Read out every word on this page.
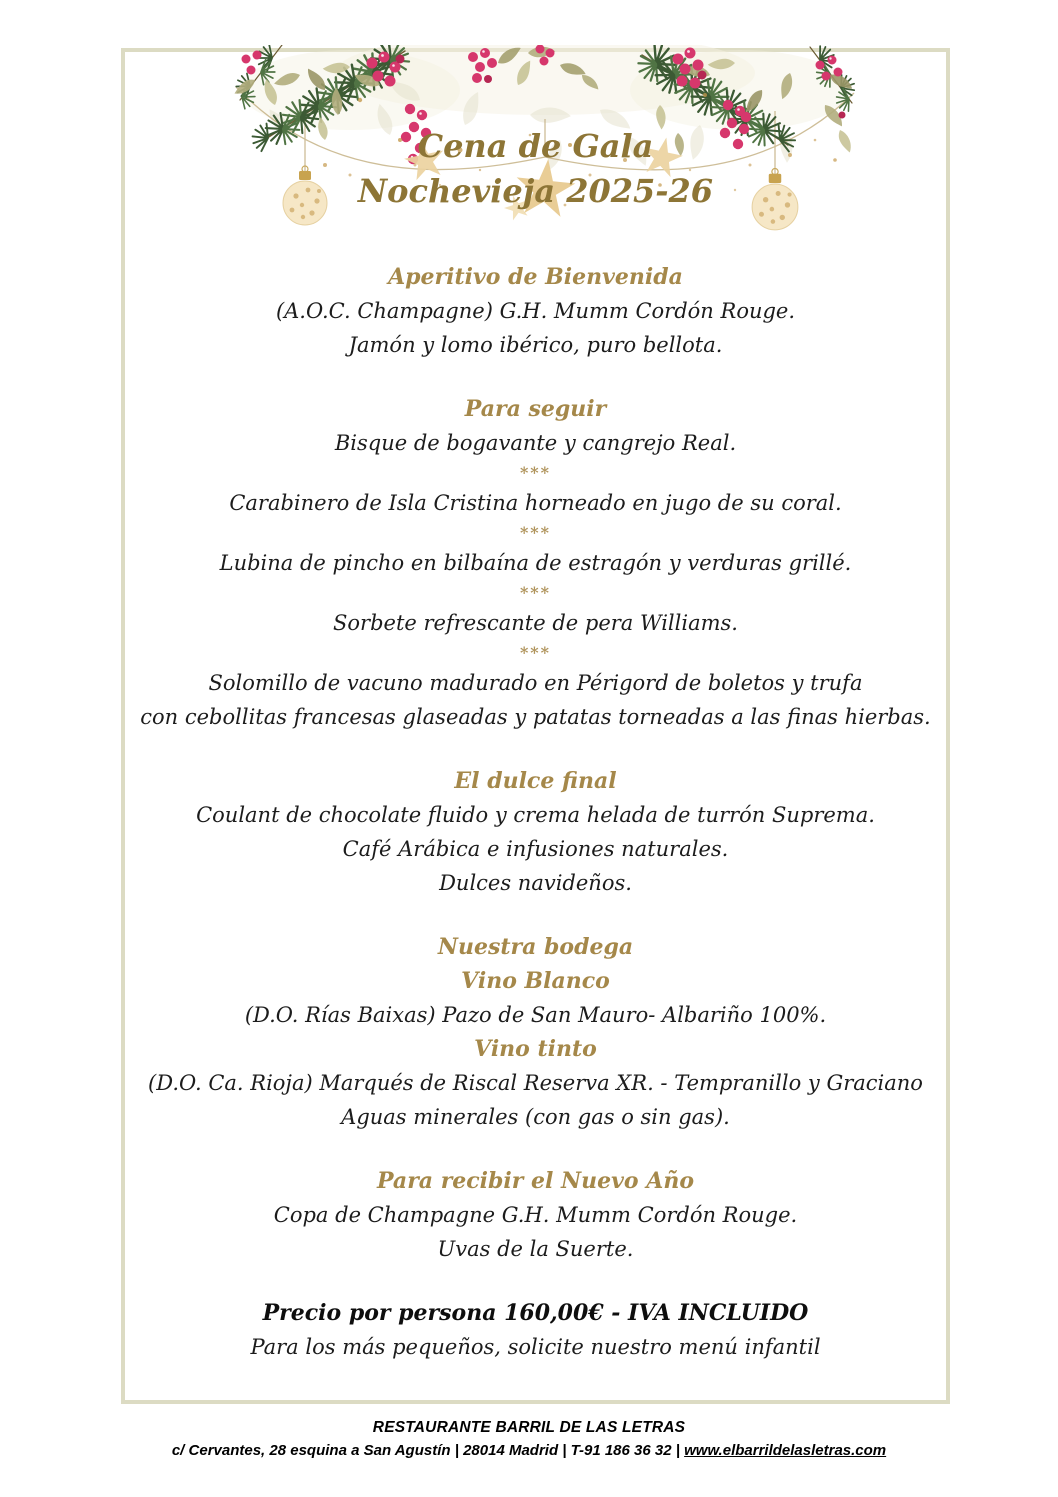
Cena de Gala
Nochevieja 2025-26
Aperitivo de Bienvenida
(A.O.C. Champagne) G.H. Mumm Cordón Rouge.
Jamón y lomo ibérico, puro bellota.
Para seguir
Bisque de bogavante y cangrejo Real.
***
Carabinero de Isla Cristina horneado en jugo de su coral.
***
Lubina de pincho en bilbaína de estragón y verduras grillé.
***
Sorbete refrescante de pera Williams.
***
Solomillo de vacuno madurado en Périgord de boletos y trufa
con cebollitas francesas glaseadas y patatas torneadas a las finas hierbas.
El dulce final
Coulant de chocolate fluido y crema helada de turrón Suprema.
Café Arábica e infusiones naturales.
Dulces navideños.
Nuestra bodega
Vino Blanco
(D.O. Rías Baixas) Pazo de San Mauro- Albariño 100%.
Vino tinto
(D.O. Ca. Rioja) Marqués de Riscal Reserva XR. - Tempranillo y Graciano
Aguas minerales (con gas o sin gas).
Para recibir el Nuevo Año
Copa de Champagne G.H. Mumm Cordón Rouge.
Uvas de la Suerte.
Precio por persona 160,00€ - IVA INCLUIDO
Para los más pequeños, solicite nuestro menú infantil
RESTAURANTE BARRIL DE LAS LETRAS
c/ Cervantes, 28 esquina a San Agustín | 28014 Madrid | T-91 186 36 32 | www.elbarrildelasletras.com
